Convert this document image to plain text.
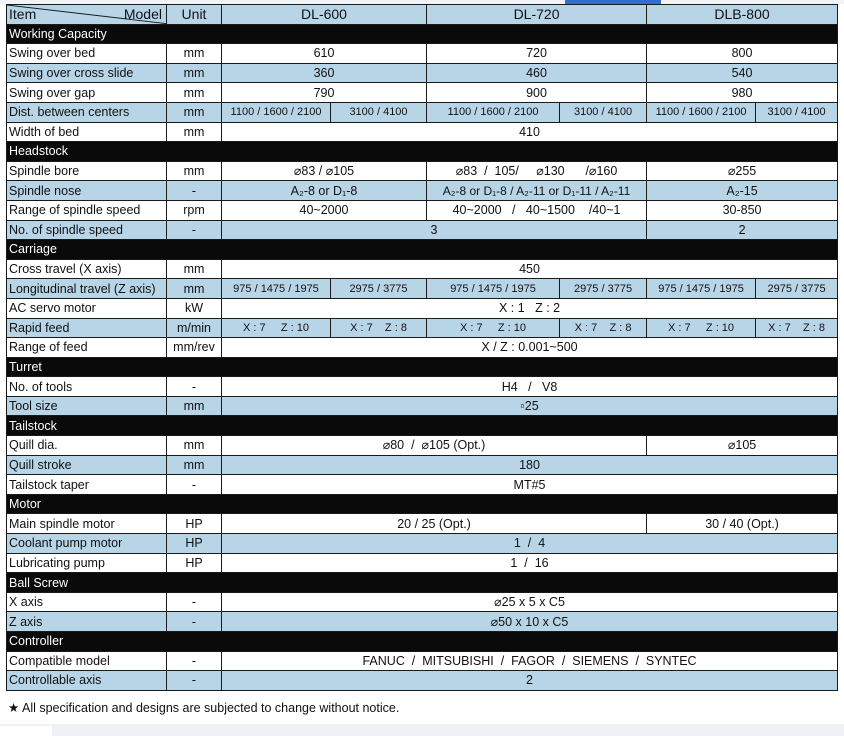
Item Model	Unit	DL-600		DL-720		DLB-800	
Working Capacity							
Swing over bed	mm	610		720		800	
Swing over cross slide	mm	360		460		540	
Swing over gap	mm	790		900		980	
Dist. between centers	mm	1100 / 1600 / 2100	3100 / 4100	1100 / 1600 / 2100	3100 / 4100	1100 / 1600 / 2100	3100 / 4100
Width of bed	mm	410					
Headstock							
Spindle bore	mm	⌀83 / ⌀105		⌀83  /  105/     ⌀130      /⌀160		⌀255	
Spindle nose	-	A₂-8 or D₁-8		A₂-8 or D₁-8 / A₂-11 or D₁-11 / A₂-11		A₂-15	
Range of spindle speed	rpm	40~2000		40~2000   /   40~1500    /40~1		30-850	
No. of spindle speed	-	3				2	
Carriage							
Cross travel (X axis)	mm	450					
Longitudinal travel (Z axis)	mm	975 / 1475 / 1975	2975 / 3775	975 / 1475 / 1975	2975 / 3775	975 / 1475 / 1975	2975 / 3775
AC servo motor	kW	X : 1   Z : 2					
Rapid feed	m/min	X : 7     Z : 10	X : 7    Z : 8	X : 7     Z : 10	X : 7    Z : 8	X : 7     Z : 10	X : 7    Z : 8
Range of feed	mm/rev	X / Z : 0.001~500					
Turret							
No. of tools	-	H4   /   V8					
Tool size	mm	▫25					
Tailstock							
Quill dia.	mm	⌀80  /  ⌀105 (Opt.)				⌀105	
Quill stroke	mm	180					
Tailstock taper	-	MT#5					
Motor							
Main spindle motor	HP	20 / 25 (Opt.)				30 / 40 (Opt.)	
Coolant pump motor	HP	1  /  4					
Lubricating pump	HP	1  /  16					
Ball Screw							
X axis	-	⌀25 x 5 x C5					
Z axis	-	⌀50 x 10 x C5					
Controller							
Compatible model	-	FANUC  /  MITSUBISHI  /  FAGOR  /  SIEMENS  /  SYNTEC					
Controllable axis	-	2					
★ All specification and designs are subjected to change without notice.
